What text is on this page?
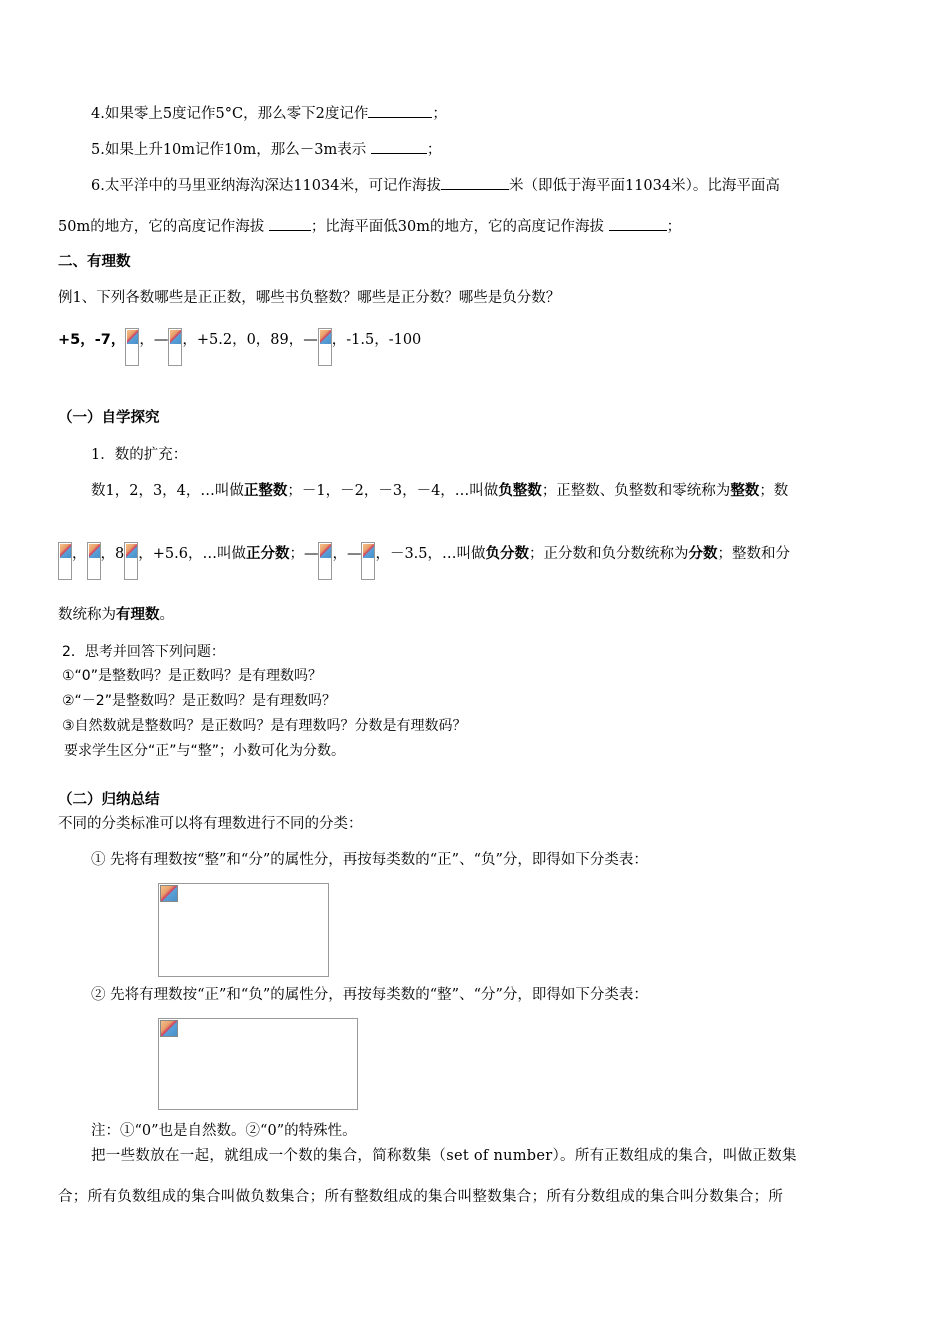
4.如果零上5度记作5°C，那么零下2度记作	；
5.如果上升10m记作10m，那么－3m表示	；
6.太平洋中的马里亚纳海沟深达11034米，可记作海拔	米（即低于海平面11034米）。比海平面高
50m的地方，它的高度记作海拔	；比海平面低30m的地方，它的高度记作海拔	；
二、有理数
例1、下列各数哪些是正正数，哪些书负整数？哪些是正分数？哪些是负分数？
+5，-7， ，— ，+5.2，0，89，— ，-1.5，-100
（一）自学探究
1．数的扩充：
数1，2，3，4，…叫做正整数；－1，－2，－3，－4，…叫做负整数；正整数、负整数和零统称为整数；数
， ，8 ，+5.6，…叫做正分数；— ，— ，－3.5，…叫做负分数；正分数和负分数统称为分数；整数和分
数统称为有理数。
2．思考并回答下列问题：
①“0”是整数吗？是正数吗？是有理数吗？
②“－2”是整数吗？是正数吗？是有理数吗？
③自然数就是整数吗？是正数吗？是有理数吗？分数是有理数码？
要求学生区分“正”与“整”；小数可化为分数。
（二）归纳总结
不同的分类标准可以将有理数进行不同的分类：
① 先将有理数按“整”和“分”的属性分，再按每类数的“正”、“负”分，即得如下分类表：
② 先将有理数按“正”和“负”的属性分，再按每类数的“整”、“分”分，即得如下分类表：
注：①“0”也是自然数。②“0”的特殊性。
把一些数放在一起，就组成一个数的集合，简称数集（set of number）。所有正数组成的集合，叫做正数集
合；所有负数组成的集合叫做负数集合；所有整数组成的集合叫整数集合；所有分数组成的集合叫分数集合；所
